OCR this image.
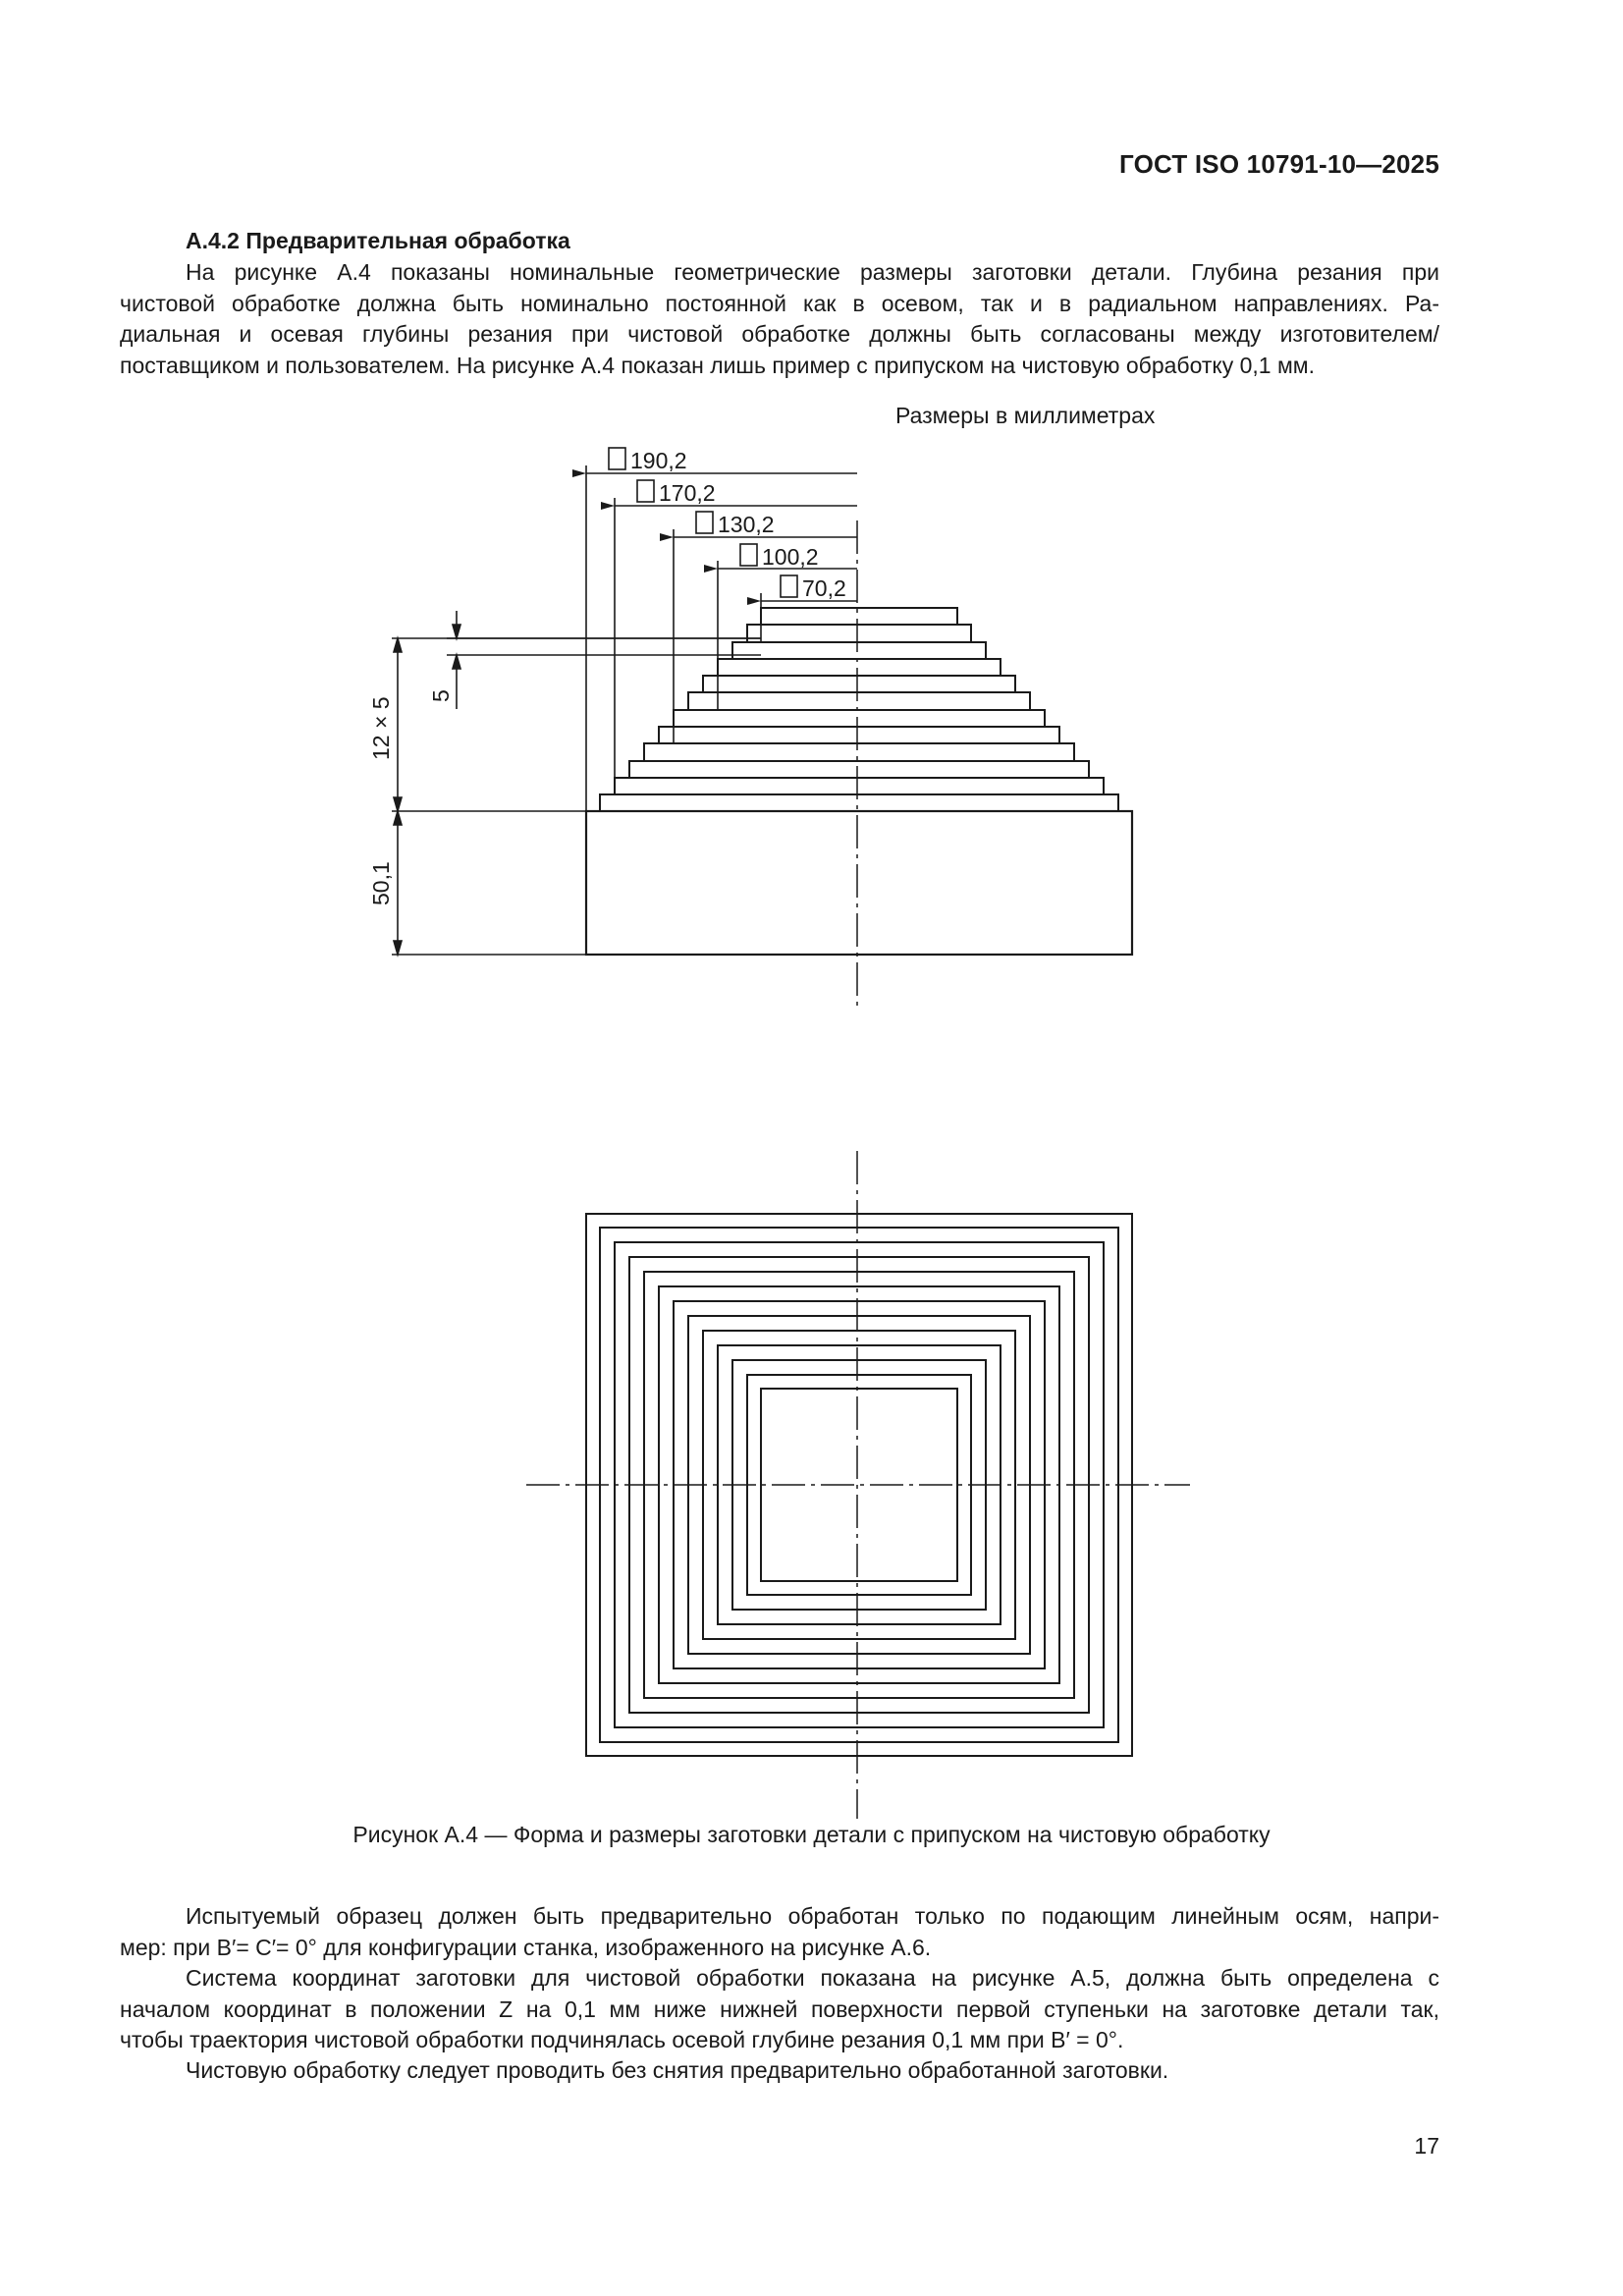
ГОСТ ISO 10791-10—2025
А.4.2 Предварительная обработка
На рисунке А.4 показаны номинальные геометрические размеры заготовки детали. Глубина резания при
чистовой обработке должна быть номинально постоянной как в осевом, так и в радиальном направлениях. Ра-
диальная и осевая глубины резания при чистовой обработке должны быть согласованы между изготовителем/
поставщиком и пользователем. На рисунке А.4 показан лишь пример с припуском на чистовую обработку 0,1 мм.
Размеры в миллиметрах
190,2
170,2
130,2
100,2
70,2
12 × 5
50,1
5
Рисунок А.4 — Форма и размеры заготовки детали с припуском на чистовую обработку
Испытуемый образец должен быть предварительно обработан только по подающим линейным осям, напри-
мер: при B′= C′= 0° для конфигурации станка, изображенного на рисунке А.6.
Система координат заготовки для чистовой обработки показана на рисунке А.5, должна быть определена с
началом координат в положении Z на 0,1 мм ниже нижней поверхности первой ступеньки на заготовке детали так,
чтобы траектория чистовой обработки подчинялась осевой глубине резания 0,1 мм при B′ = 0°.
Чистовую обработку следует проводить без снятия предварительно обработанной заготовки.
17
